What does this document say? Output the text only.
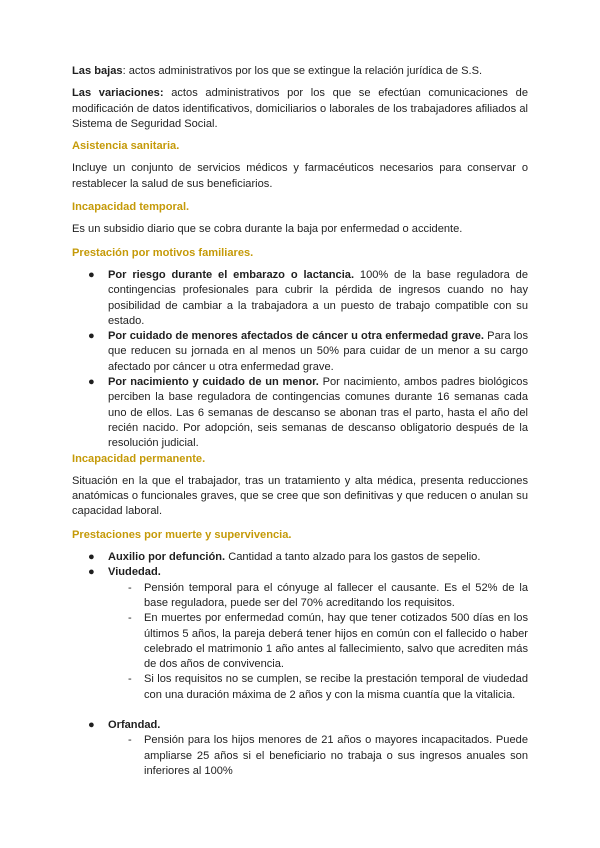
Las bajas: actos administrativos por los que se extingue la relación jurídica de S.S.

Las variaciones: actos administrativos por los que se efectúan comunicaciones de modificación de datos identificativos, domiciliarios o laborales de los trabajadores afiliados al Sistema de Seguridad Social.

Asistencia sanitaria.

Incluye un conjunto de servicios médicos y farmacéuticos necesarios para conservar o restablecer la salud de sus beneficiarios.

Incapacidad temporal.

Es un subsidio diario que se cobra durante la baja por enfermedad o accidente.

Prestación por motivos familiares.

● Por riesgo durante el embarazo o lactancia. 100% de la base reguladora de contingencias profesionales para cubrir la pérdida de ingresos cuando no hay posibilidad de cambiar a la trabajadora a un puesto de trabajo compatible con su estado.
● Por cuidado de menores afectados de cáncer u otra enfermedad grave. Para los que reducen su jornada en al menos un 50% para cuidar de un menor a su cargo afectado por cáncer u otra enfermedad grave.
● Por nacimiento y cuidado de un menor. Por nacimiento, ambos padres biológicos perciben la base reguladora de contingencias comunes durante 16 semanas cada uno de ellos. Las 6 semanas de descanso se abonan tras el parto, hasta el año del recién nacido. Por adopción, seis semanas de descanso obligatorio después de la resolución judicial.

Incapacidad permanente.

Situación en la que el trabajador, tras un tratamiento y alta médica, presenta reducciones anatómicas o funcionales graves, que se cree que son definitivas y que reducen o anulan su capacidad laboral.

Prestaciones por muerte y supervivencia.

● Auxilio por defunción. Cantidad a tanto alzado para los gastos de sepelio.
● Viudedad.
- Pensión temporal para el cónyuge al fallecer el causante. Es el 52% de la base reguladora, puede ser del 70% acreditando los requisitos.
- En muertes por enfermedad común, hay que tener cotizados 500 días en los últimos 5 años, la pareja deberá tener hijos en común con el fallecido o haber celebrado el matrimonio 1 año antes al fallecimiento, salvo que acrediten más de dos años de convivencia.
- Si los requisitos no se cumplen, se recibe la prestación temporal de viudedad con una duración máxima de 2 años y con la misma cuantía que la vitalicia.
● Orfandad.
- Pensión para los hijos menores de 21 años o mayores incapacitados. Puede ampliarse 25 años si el beneficiario no trabaja o sus ingresos anuales son inferiores al 100%
